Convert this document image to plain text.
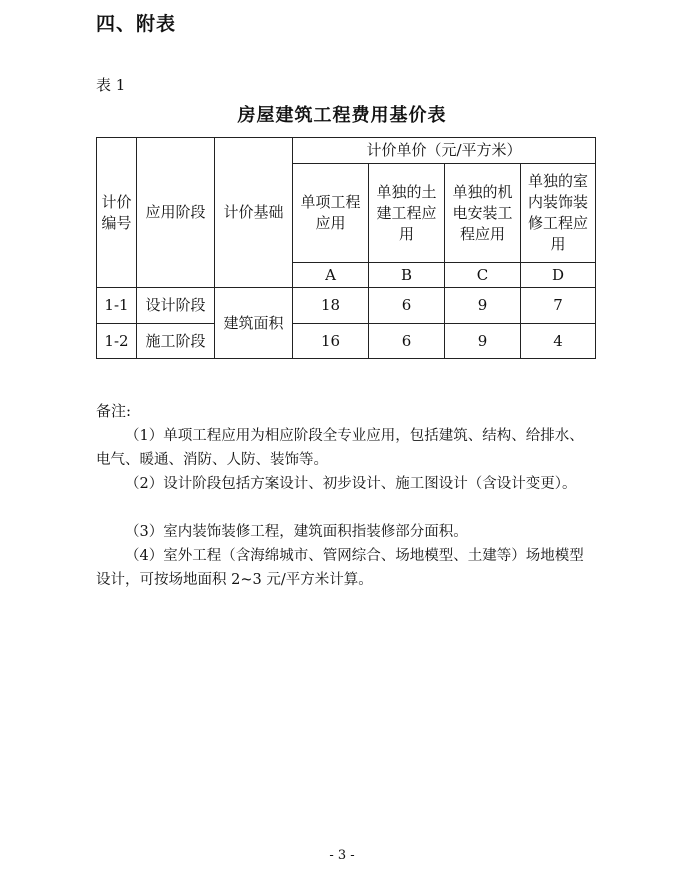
四、附表
表 1
房屋建筑工程费用基价表
计价编号	应用阶段	计价基础	计价单价（元/平方米）			
			单项工程应用	单独的土建工程应用	单独的机电安装工程应用	单独的室内装饰装修工程应用
			A	B	C	D
1-1	设计阶段	建筑面积	18	6	9	7
1-2	施工阶段		16	6	9	4
备注:
（1）单项工程应用为相应阶段全专业应用，包括建筑、结构、给排水、电气、暖通、消防、人防、装饰等。
（2）设计阶段包括方案设计、初步设计、施工图设计（含设计变更）。
（3）室内装饰装修工程，建筑面积指装修部分面积。
（4）室外工程（含海绵城市、管网综合、场地模型、土建等）场地模型设计，可按场地面积 2~3 元/平方米计算。
- 3 -
